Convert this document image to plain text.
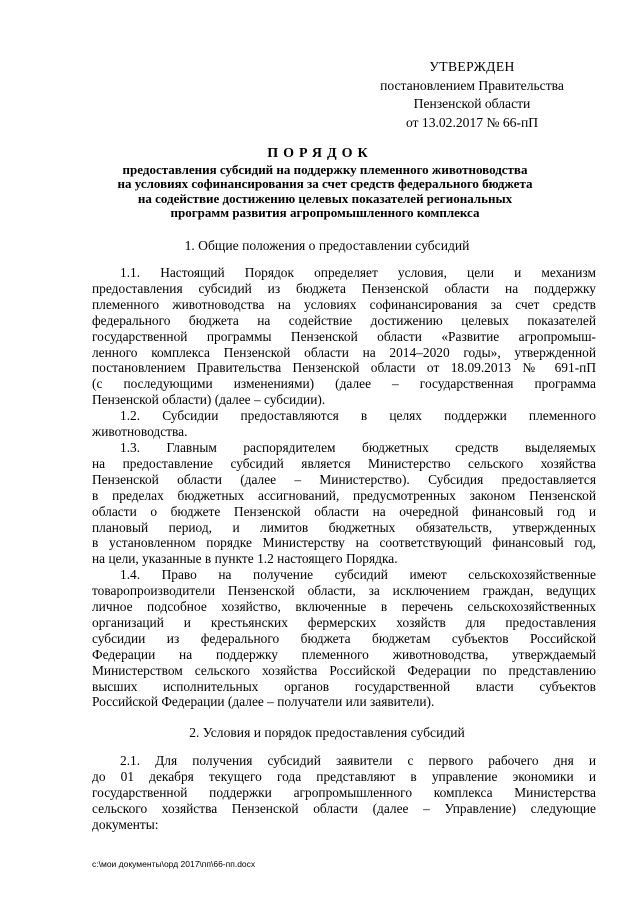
УТВЕРЖДЕН
постановлением Правительства
Пензенской области
от 13.02.2017 № 66-пП
ПОРЯДОК
предоставления субсидий на поддержку племенного животноводства
на условиях софинансирования за счет средств федерального бюджета
на содействие достижению целевых показателей региональных
программ развития агропромышленного комплекса
1. Общие положения о предоставлении субсидий
1.1. Настоящий Порядок определяет условия, цели и механизм
предоставления субсидий из бюджета Пензенской области на поддержку
племенного животноводства на условиях софинансирования за счет средств
федерального бюджета на содействие достижению целевых показателей
государственной программы Пензенской области «Развитие агропромыш-
ленного комплекса Пензенской области на 2014–2020 годы», утвержденной
постановлением Правительства Пензенской области от 18.09.2013 № 691-пП
(с последующими изменениями) (далее – государственная программа
Пензенской области) (далее – субсидии).
1.2. Субсидии предоставляются в целях поддержки племенного
животноводства.
1.3. Главным распорядителем бюджетных средств выделяемых
на предоставление субсидий является Министерство сельского хозяйства
Пензенской области (далее – Министерство). Субсидия предоставляется
в пределах бюджетных ассигнований, предусмотренных законом Пензенской
области о бюджете Пензенской области на очередной финансовый год и
плановый период, и лимитов бюджетных обязательств, утвержденных
в установленном порядке Министерству на соответствующий финансовый год,
на цели, указанные в пункте 1.2 настоящего Порядка.
1.4. Право на получение субсидий имеют сельскохозяйственные
товаропроизводители Пензенской области, за исключением граждан, ведущих
личное подсобное хозяйство, включенные в перечень сельскохозяйственных
организаций и крестьянских фермерских хозяйств для предоставления
субсидии из федерального бюджета бюджетам субъектов Российской
Федерации на поддержку племенного животноводства, утверждаемый
Министерством сельского хозяйства Российской Федерации по представлению
высших исполнительных органов государственной власти субъектов
Российской Федерации (далее – получатели или заявители).
2. Условия и порядок предоставления субсидий
2.1. Для получения субсидий заявители с первого рабочего дня и
до 01 декабря текущего года представляют в управление экономики и
государственной поддержки агропромышленного комплекса Министерства
сельского хозяйства Пензенской области (далее – Управление) следующие
документы:
c:\мои документы\орд 2017\пп\66-пп.docx
